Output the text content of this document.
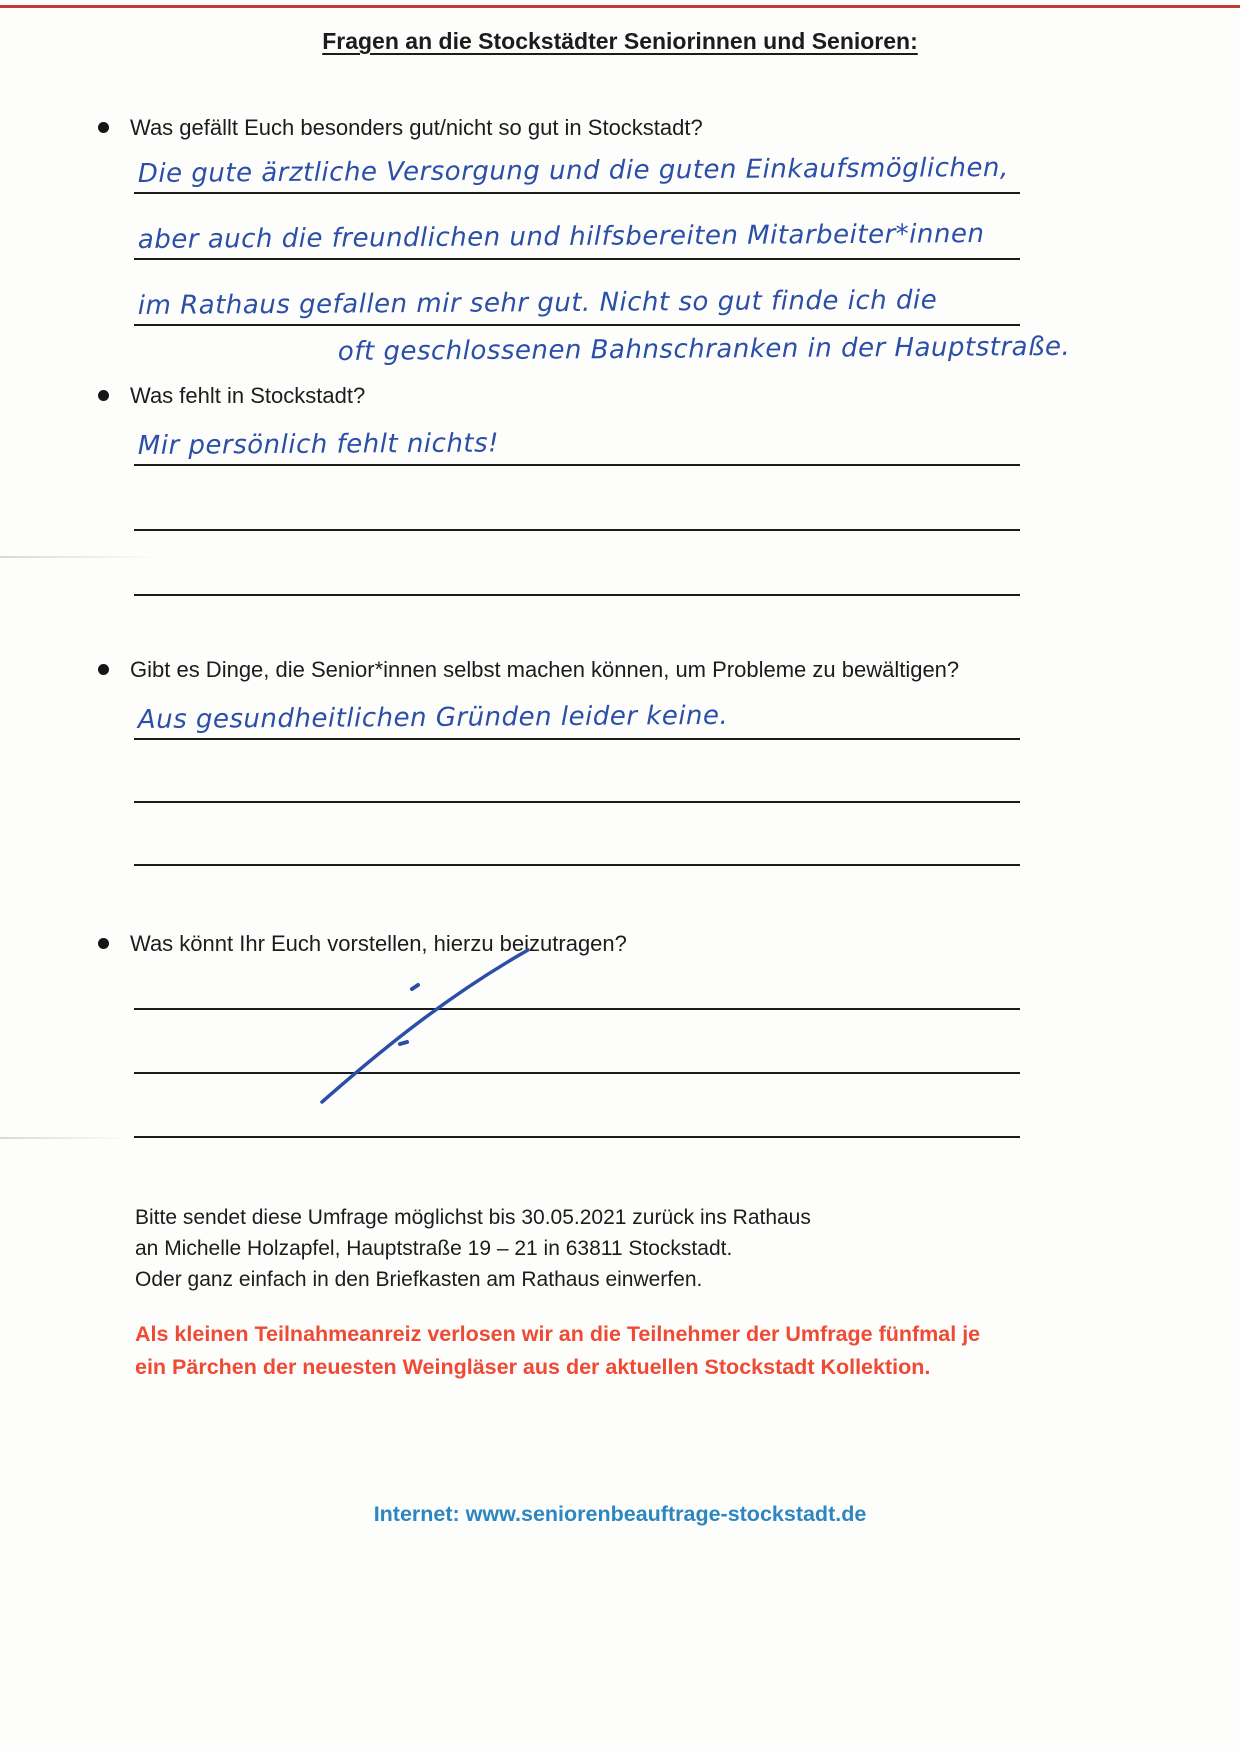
Fragen an die Stockstädter Seniorinnen und Senioren:
Was gefällt Euch besonders gut/nicht so gut in Stockstadt?
Die gute ärztliche Versorgung und die guten Einkaufsmöglichen,
aber auch die freundlichen und hilfsbereiten Mitarbeiter*innen
im Rathaus gefallen mir sehr gut. Nicht so gut finde ich die
oft geschlossenen Bahnschranken in der Hauptstraße.
Was fehlt in Stockstadt?
Mir persönlich fehlt nichts!
Gibt es Dinge, die Senior*innen selbst machen können, um Probleme zu bewältigen?
Aus gesundheitlichen Gründen leider keine.
Was könnt Ihr Euch vorstellen, hierzu beizutragen?
Bitte sendet diese Umfrage möglichst bis 30.05.2021 zurück ins Rathaus
an Michelle Holzapfel, Hauptstraße 19 – 21 in 63811 Stockstadt.
Oder ganz einfach in den Briefkasten am Rathaus einwerfen.
Als kleinen Teilnahmeanreiz verlosen wir an die Teilnehmer der Umfrage fünfmal je
ein Pärchen der neuesten Weingläser aus der aktuellen Stockstadt Kollektion.
Internet: www.seniorenbeauftrage-stockstadt.de
